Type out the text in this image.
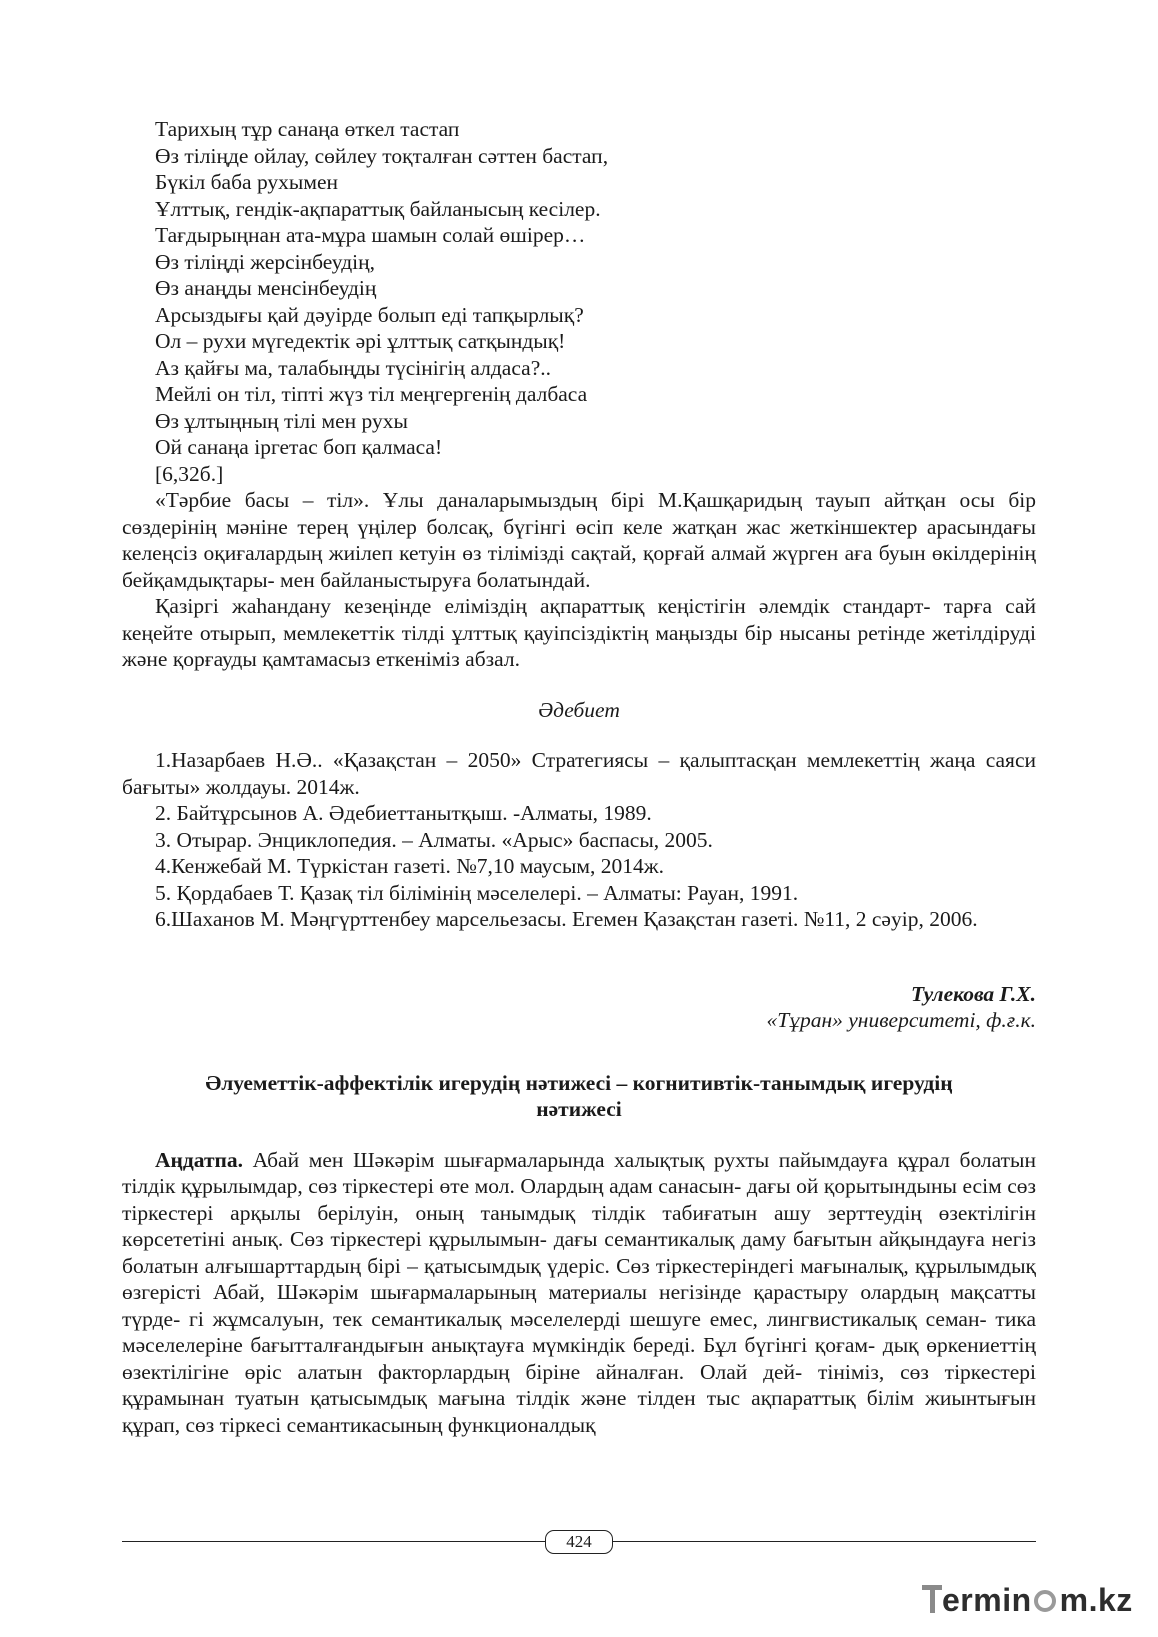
Тарихың тұр санаңа өткел тастап
Өз тілiңде ойлау, сөйлеу тоқталған сәттен бастап,
Бүкіл баба рухымен
Ұлттық, гендік-ақпараттық байланысың кесілер.
Тағдырыңнан ата-мұра шамын солай өшірер…
Өз тіліңді жерсінбеудің,
Өз анаңды менсінбеудің
Арсыздығы қай дәуірде болып еді тапқырлық?
Ол – рухи мүгедектік әрі ұлттық сатқындық!
Аз қайғы ма, талабыңды түсінігің алдаса?..
Мейлі он тіл, тіпті жүз тіл меңгергенің далбаса
Өз ұлтыңның тілі мен рухы
Ой санаңа іргетас боп қалмаса!
[6,32б.]

«Тәрбие басы – тіл». Ұлы даналарымыздың бірі М.Қашқаридың тауып айтқан осы бір сөздерінің мәніне терең үңілер болсақ, бүгінгі өсіп келе жатқан жас жеткіншектер арасындағы келеңсіз оқиғалардың жиілеп кетуін өз тілімізді сақтай, қорғай алмай жүрген аға буын өкілдерінің бейқамдықтары- мен байланыстыруға болатындай.

Қазіргі жаһандану кезеңінде еліміздің ақпараттық кеңістігін әлемдік стандарт- тарға сай кеңейте отырып, мемлекеттік тілді ұлттық қауіпсіздіктің маңызды бір нысаны ретінде жетілдіруді және қорғауды қамтамасыз еткеніміз абзал.

Әдебиет

1.Назарбаев Н.Ә.. «Қазақстан – 2050» Стратегиясы – қалыптасқан мемлекеттің жаңа саяси бағыты» жолдауы. 2014ж.

2. Байтұрсынов А. Әдебиеттанытқыш. -Алматы, 1989.

3. Отырар. Энциклопедия. – Алматы. «Арыс» баспасы, 2005.

4.Кенжебай М. Түркістан газеті. №7,10 маусым, 2014ж.

5. Қордабаев Т. Қазақ тіл білімінің мәселелері. – Алматы: Рауан, 1991.

6.Шаханов М. Мәңгүрттенбеу марсельезасы. Егемен Қазақстан газеті. №11, 2 сәуір, 2006.

Тулекова Г.Х.
«Тұран» университеті, ф.ғ.к.
Әлуеметтік-аффектілік игерудің нәтижесі – когнитивтік-танымдық игерудің нәтижесі

Аңдатпа. Абай мен Шәкәрім шығармаларында халықтық рухты пайымдауға құрал болатын тілдік құрылымдар, сөз тіркестері өте мол. Олардың адам санасын- дағы ой қорытындыны есім сөз тіркестері арқылы берілуін, оның танымдық тілдік табиғатын ашу зерттеудің өзектілігін көрсететіні анық. Сөз тіркестері құрылымын- дағы семантикалық даму бағытын айқындауға негіз болатын алғышарттардың бірі – қатысымдық үдеріс. Сөз тіркестеріндегі мағыналық, құрылымдық өзгерісті Абай, Шәкәрім шығармаларының материалы негізінде қарастыру олардың мақсатты түрде- гі жұмсалуын, тек семантикалық мәселелерді шешуге емес, лингвистикалық семан- тика мәселелеріне бағытталғандығын анықтауға мүмкіндік береді. Бұл бүгінгі қоғам- дық өркениеттің өзектілігіне өріс алатын факторлардың біріне айналған. Олай дей- тініміз, сөз тіркестері құрамынан туатын қатысымдық мағына тілдік және тілден тыс ақпараттық білім жиынтығын құрап, сөз тіркесі семантикасының функционалдық

424
ermin m.kz
